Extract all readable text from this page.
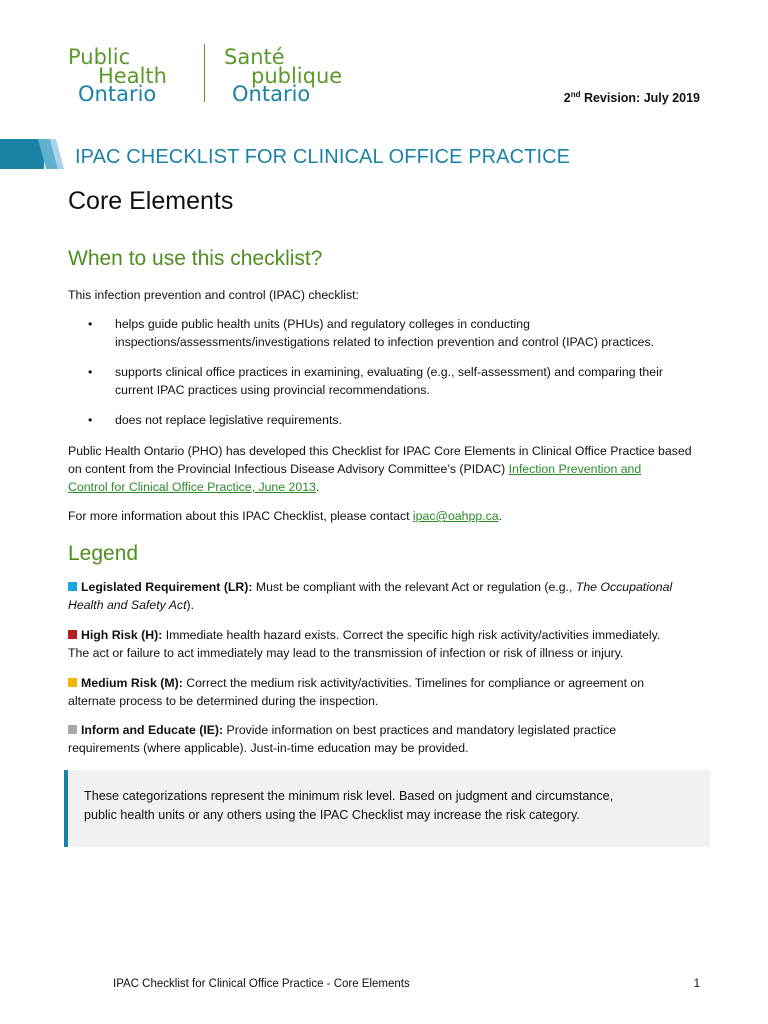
Public
Health
Ontario
Santé
publique
Ontario	2nd Revision: July 2019
IPAC CHECKLIST FOR CLINICAL OFFICE PRACTICE
Core Elements
When to use this checklist?
This infection prevention and control (IPAC) checklist:
• helps guide public health units (PHUs) and regulatory colleges in conducting
inspections/assessments/investigations related to infection prevention and control (IPAC) practices.
• supports clinical office practices in examining, evaluating (e.g., self-assessment) and comparing their
current IPAC practices using provincial recommendations.
• does not replace legislative requirements.
Public Health Ontario (PHO) has developed this Checklist for IPAC Core Elements in Clinical Office Practice based
on content from the Provincial Infectious Disease Advisory Committee’s (PIDAC) Infection Prevention and
Control for Clinical Office Practice, June 2013.
For more information about this IPAC Checklist, please contact ipac@oahpp.ca.
Legend
Legislated Requirement (LR): Must be compliant with the relevant Act or regulation (e.g., The Occupational
Health and Safety Act).
High Risk (H): Immediate health hazard exists. Correct the specific high risk activity/activities immediately.
The act or failure to act immediately may lead to the transmission of infection or risk of illness or injury.
Medium Risk (M): Correct the medium risk activity/activities. Timelines for compliance or agreement on
alternate process to be determined during the inspection.
Inform and Educate (IE): Provide information on best practices and mandatory legislated practice
requirements (where applicable). Just-in-time education may be provided.
These categorizations represent the minimum risk level. Based on judgment and circumstance,
public health units or any others using the IPAC Checklist may increase the risk category.
IPAC Checklist for Clinical Office Practice - Core Elements	1
